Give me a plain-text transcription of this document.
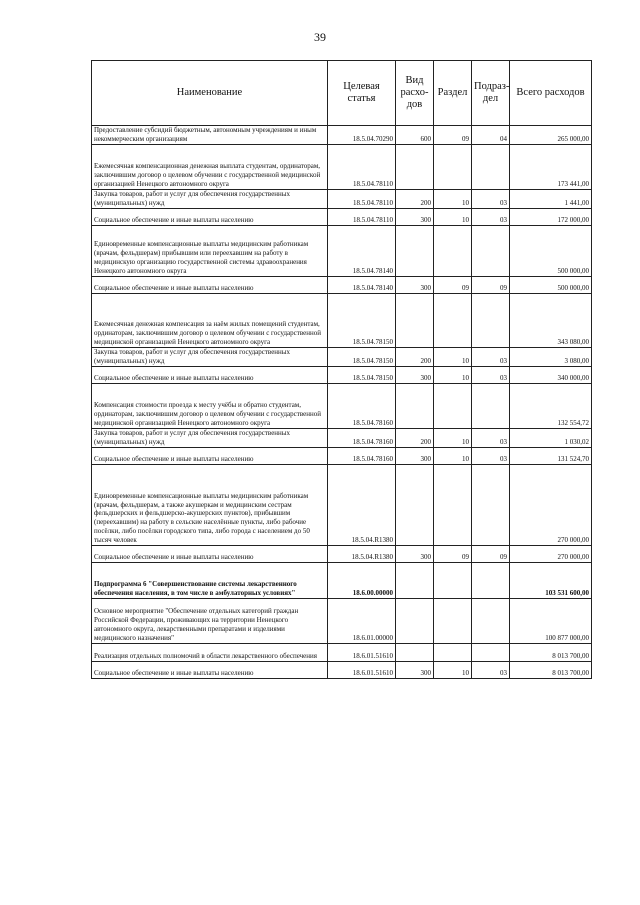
39
Наименование	Целевая статья	Вид расхо-дов	Раздел	Подраз-дел	Всего расходов
Предоставление субсидий бюджетным, автономным учреждениям и иным некоммерческим организациям	18.5.04.70290	600	09	04	265 000,00
Ежемесячная компенсационная денежная выплата студентам, ординаторам, заключившим договор о целевом обучении с государственной медицинской организацией Ненецкого автономного округа	18.5.04.78110				173 441,00
Закупка товаров, работ и услуг для обеспечения государственных (муниципальных) нужд	18.5.04.78110	200	10	03	1 441,00
Социальное обеспечение и иные выплаты населению	18.5.04.78110	300	10	03	172 000,00
Единовременные компенсационные выплаты медицинским работникам (врачам, фельдшерам) прибывшим или переехавшим на работу в медицинскую организацию государственной системы здравоохранения Ненецкого автономного округа	18.5.04.78140				500 000,00
Социальное обеспечение и иные выплаты населению	18.5.04.78140	300	09	09	500 000,00
Ежемесячная денежная компенсация за наём жилых помещений студентам, ординаторам, заключившим договор о целевом обучении с государственной медицинской организацией Ненецкого автономного округа	18.5.04.78150				343 080,00
Закупка товаров, работ и услуг для обеспечения государственных (муниципальных) нужд	18.5.04.78150	200	10	03	3 080,00
Социальное обеспечение и иные выплаты населению	18.5.04.78150	300	10	03	340 000,00
Компенсация стоимости проезда к месту учёбы и обратно студентам, ординаторам, заключившим договор о целевом обучении с государственной медицинской организацией Ненецкого автономного округа	18.5.04.78160				132 554,72
Закупка товаров, работ и услуг для обеспечения государственных (муниципальных) нужд	18.5.04.78160	200	10	03	1 030,02
Социальное обеспечение и иные выплаты населению	18.5.04.78160	300	10	03	131 524,70
Единовременные компенсационные выплаты медицинским работникам (врачам, фельдшерам, а также акушеркам и медицинским сестрам фельдшерских и фельдшерско-акушерских пунктов), прибывшим (переехавшим) на работу в сельские населённые пункты, либо рабочие посёлки, либо посёлки городского типа, либо города с населением до 50 тысяч человек	18.5.04.R1380				270 000,00
Социальное обеспечение и иные выплаты населению	18.5.04.R1380	300	09	09	270 000,00
Подпрограмма 6 "Совершенствование системы лекарственного обеспечения населения, в том числе в амбулаторных условиях"	18.6.00.00000				103 531 600,00
Основное мероприятие "Обеспечение отдельных категорий граждан Российской Федерации, проживающих на территории Ненецкого автономного округа, лекарственными препаратами и изделиями медицинского назначения"	18.6.01.00000				100 877 000,00
Реализация отдельных полномочий в области лекарственного обеспечения	18.6.01.51610				8 013 700,00
Социальное обеспечение и иные выплаты населению	18.6.01.51610	300	10	03	8 013 700,00
